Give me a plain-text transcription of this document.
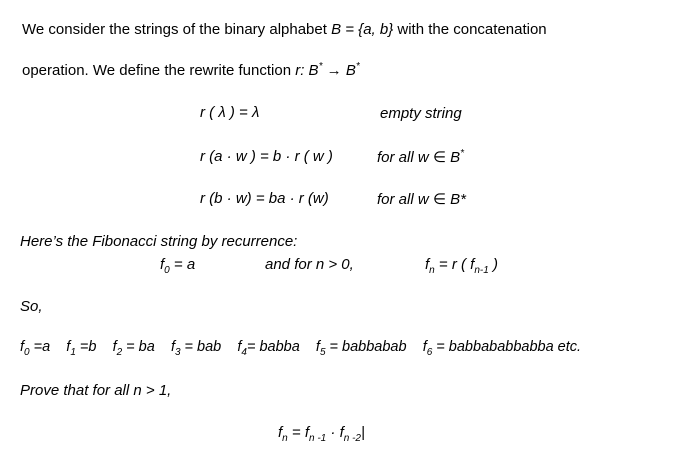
We consider the strings of the binary alphabet B = {a, b} with the concatenation
operation. We define the rewrite function r: B* → B*
r ( λ ) = λ	empty string
r (a · w ) = b · r ( w )	for all w ∈ B*
r (b · w) = ba · r (w)	for all w ∈ B*
Here’s the Fibonacci string by recurrence:
$f_0 = a$	and for n > 0,	$f_n = r$ ( $f_{n-1}$ )
So,
$f_0 =a$ $f_1 =b$ $f_2$ = ba $f_3$ = bab $f_4=$ babba $f_5$ = babbabab $f_6$ = babbababbabba etc.
Prove that for all n > 1,
$f_n = f_{n -1} \cdot f_{n -2}|$
